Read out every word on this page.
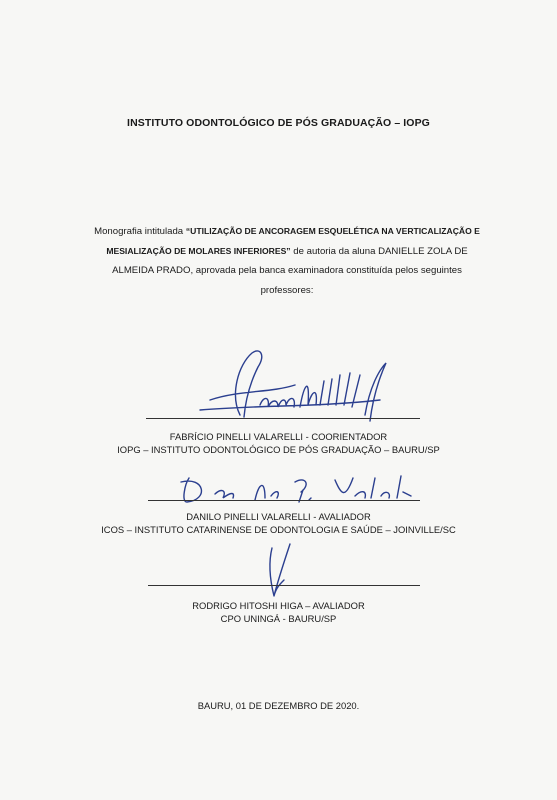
INSTITUTO ODONTOLÓGICO DE PÓS GRADUAÇÃO – IOPG
Monografia intitulada “UTILIZAÇÃO DE ANCORAGEM ESQUELÉTICA NA VERTICALIZAÇÃO E MESIALIZAÇÃO DE MOLARES INFERIORES” de autoria da aluna DANIELLE ZOLA DE ALMEIDA PRADO, aprovada pela banca examinadora constituída pelos seguintes professores:
FABRÍCIO PINELLI VALARELLI - COORIENTADOR
IOPG – INSTITUTO ODONTOLÓGICO DE PÓS GRADUAÇÃO – BAURU/SP
DANILO PINELLI VALARELLI - AVALIADOR
ICOS – INSTITUTO CATARINENSE DE ODONTOLOGIA E SAÚDE – JOINVILLE/SC
RODRIGO HITOSHI HIGA – AVALIADOR
CPO UNINGÁ - BAURU/SP
BAURU, 01 DE DEZEMBRO DE 2020.
